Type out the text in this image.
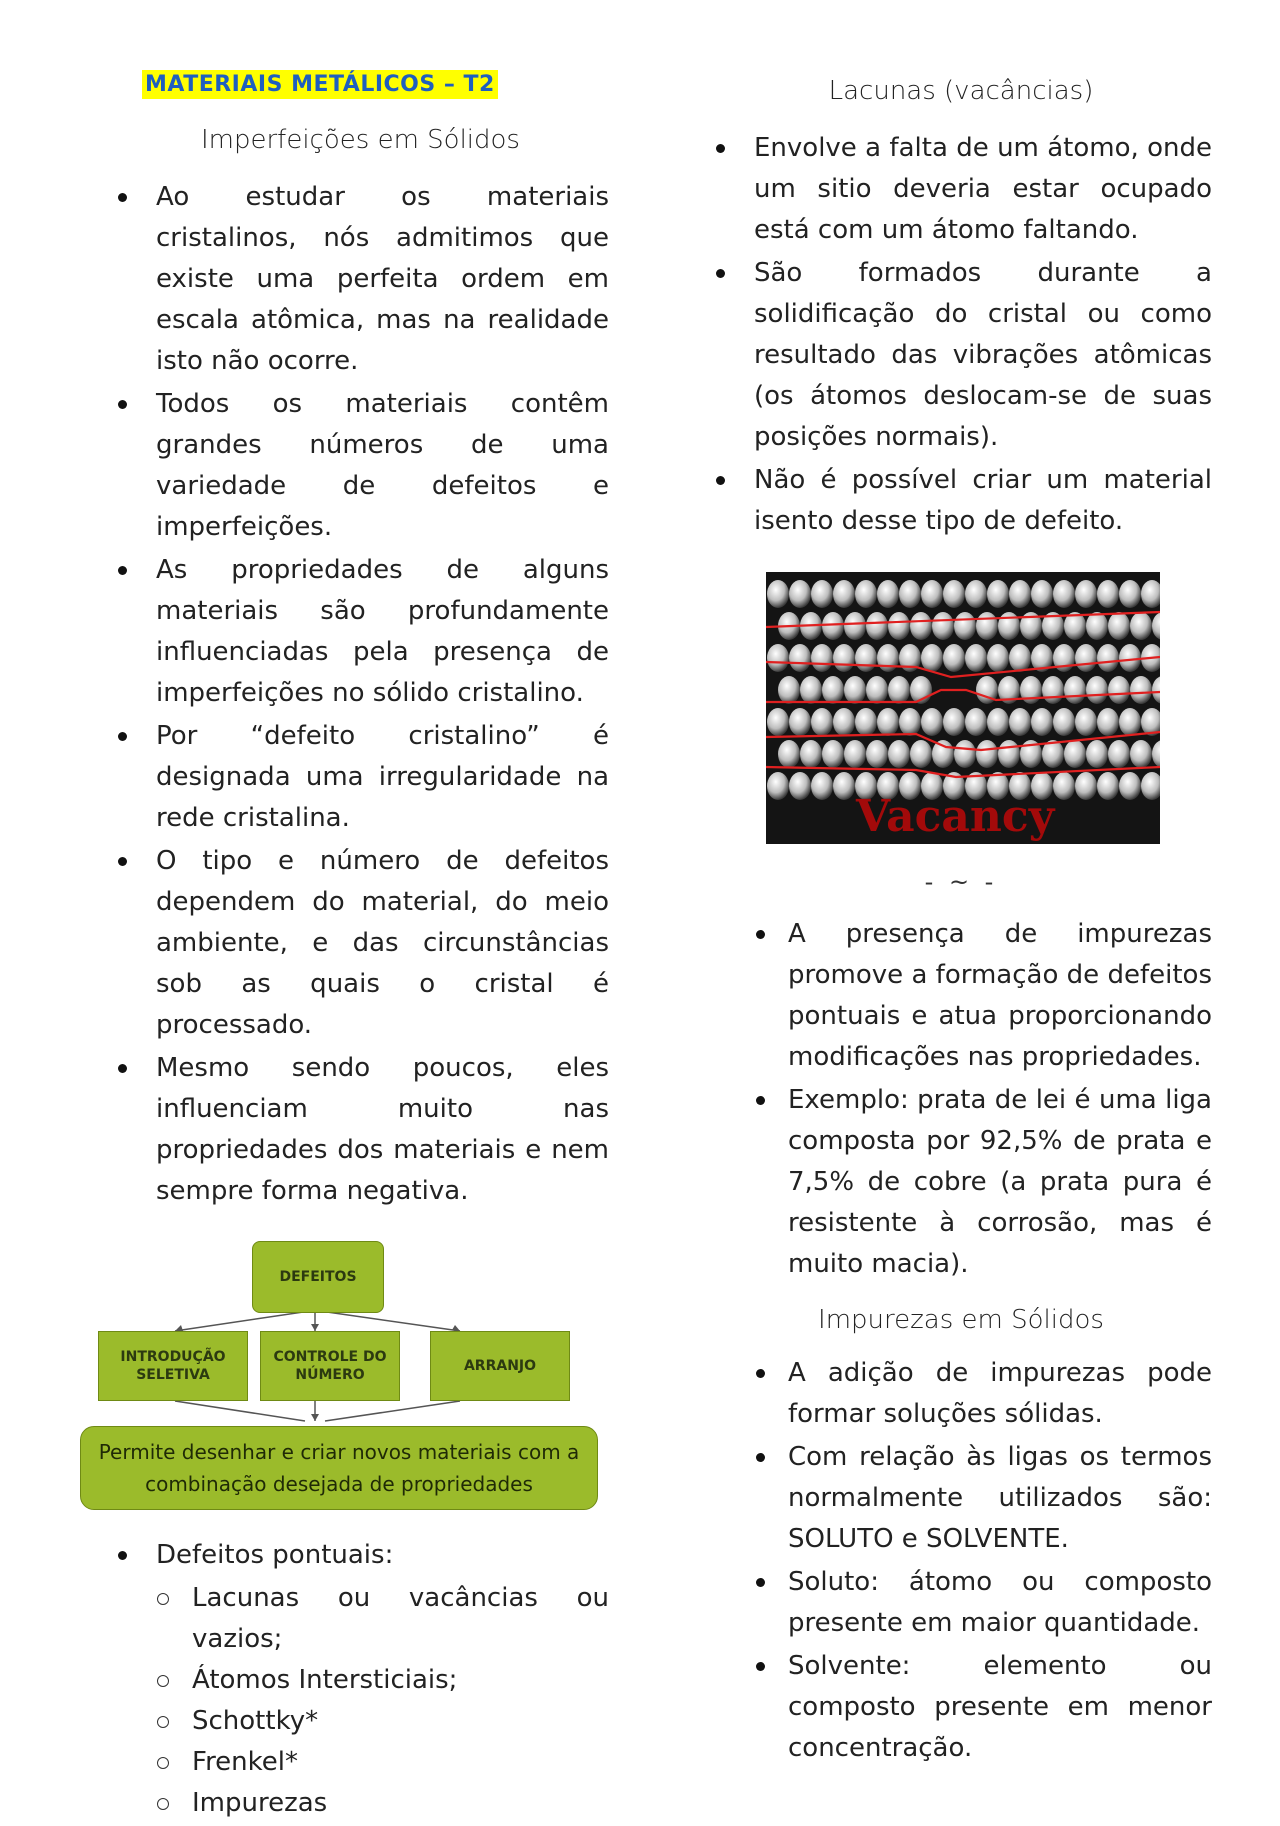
MATERIAIS METÁLICOS – T2

Imperfeições em Sólidos

Ao estudar os materiais cristalinos, nós admitimos que existe uma perfeita ordem em escala atômica, mas na realidade isto não ocorre.
Todos os materiais contêm grandes números de uma variedade de defeitos e imperfeições.
As propriedades de alguns materiais são profundamente influenciadas pela presença de imperfeições no sólido cristalino.
Por “defeito cristalino” é designada uma irregularidade na rede cristalina.
O tipo e número de defeitos dependem do material, do meio ambiente, e das circunstâncias sob as quais o cristal é processado.
Mesmo sendo poucos, eles influenciam muito nas propriedades dos materiais e nem sempre forma negativa.
DEFEITOS
INTRODUÇÃO SELETIVA
CONTROLE DO NÚMERO
ARRANJO
Permite desenhar e criar novos materiais com a combinação desejada de propriedades
Defeitos pontuais:
Lacunas ou vacâncias ou vazios;
Átomos Intersticiais;
Schottky*
Frenkel*
Impurezas

Lacunas (vacâncias)

Envolve a falta de um átomo, onde um sitio deveria estar ocupado está com um átomo faltando.
São formados durante a solidificação do cristal ou como resultado das vibrações atômicas (os átomos deslocam-se de suas posições normais).
Não é possível criar um material isento desse tipo de defeito.
Vacancy
- ~ -
A presença de impurezas promove a formação de defeitos pontuais e atua proporcionando modificações nas propriedades.
Exemplo: prata de lei é uma liga composta por 92,5% de prata e 7,5% de cobre (a prata pura é resistente à corrosão, mas é muito macia).

Impurezas em Sólidos

A adição de impurezas pode formar soluções sólidas.
Com relação às ligas os termos normalmente utilizados são: SOLUTO e SOLVENTE.
Soluto: átomo ou composto presente em maior quantidade.
Solvente: elemento ou composto presente em menor concentração.
